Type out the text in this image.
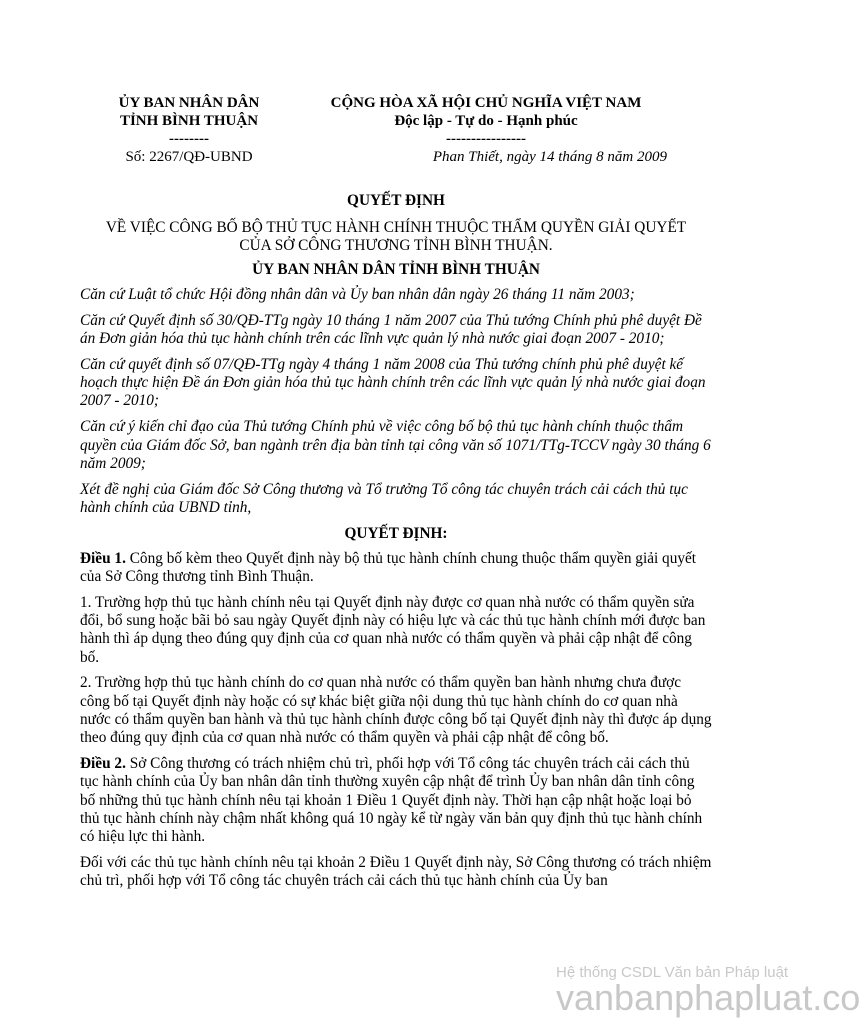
ỦY BAN NHÂN DÂN
TỈNH BÌNH THUẬN
--------
Số: 2267/QĐ-UBND
CỘNG HÒA XÃ HỘI CHỦ NGHĨA VIỆT NAM
Độc lập - Tự do - Hạnh phúc
----------------
Phan Thiết, ngày 14 tháng 8 năm 2009
QUYẾT ĐỊNH
VỀ VIỆC CÔNG BỐ BỘ THỦ TỤC HÀNH CHÍNH THUỘC THẨM QUYỀN GIẢI QUYẾT
CỦA SỞ CÔNG THƯƠNG TỈNH BÌNH THUẬN.
ỦY BAN NHÂN DÂN TỈNH BÌNH THUẬN

Căn cứ Luật tổ chức Hội đồng nhân dân và Ủy ban nhân dân ngày 26 tháng 11 năm 2003;

Căn cứ Quyết định số 30/QĐ-TTg ngày 10 tháng 1 năm 2007 của Thủ tướng Chính phủ phê duyệt Đề án Đơn giản hóa thủ tục hành chính trên các lĩnh vực quản lý nhà nước giai đoạn 2007 - 2010;

Căn cứ quyết định số 07/QĐ-TTg ngày 4 tháng 1 năm 2008 của Thủ tướng chính phủ phê duyệt kế hoạch thực hiện Đề án Đơn giản hóa thủ tục hành chính trên các lĩnh vực quản lý nhà nước giai đoạn 2007 - 2010;

Căn cứ ý kiến chỉ đạo của Thủ tướng Chính phủ về việc công bố bộ thủ tục hành chính thuộc thẩm quyền của Giám đốc Sở, ban ngành trên địa bàn tỉnh tại công văn số 1071/TTg-TCCV ngày 30 tháng 6 năm 2009;

Xét đề nghị của Giám đốc Sở Công thương và Tổ trưởng Tổ công tác chuyên trách cải cách thủ tục hành chính của UBND tỉnh,

QUYẾT ĐỊNH:

Điều 1. Công bố kèm theo Quyết định này bộ thủ tục hành chính chung thuộc thẩm quyền giải quyết của Sở Công thương tỉnh Bình Thuận.

1. Trường hợp thủ tục hành chính nêu tại Quyết định này được cơ quan nhà nước có thẩm quyền sửa đổi, bổ sung hoặc bãi bỏ sau ngày Quyết định này có hiệu lực và các thủ tục hành chính mới được ban hành thì áp dụng theo đúng quy định của cơ quan nhà nước có thẩm quyền và phải cập nhật để công bố.

2. Trường hợp thủ tục hành chính do cơ quan nhà nước có thẩm quyền ban hành nhưng chưa được công bố tại Quyết định này hoặc có sự khác biệt giữa nội dung thủ tục hành chính do cơ quan nhà nước có thẩm quyền ban hành và thủ tục hành chính được công bố tại Quyết định này thì được áp dụng theo đúng quy định của cơ quan nhà nước có thẩm quyền và phải cập nhật để công bố.

Điều 2. Sở Công thương có trách nhiệm chủ trì, phối hợp với Tổ công tác chuyên trách cải cách thủ tục hành chính của Ủy ban nhân dân tỉnh thường xuyên cập nhật để trình Ủy ban nhân dân tỉnh công bố những thủ tục hành chính nêu tại khoản 1 Điều 1 Quyết định này. Thời hạn cập nhật hoặc loại bỏ thủ tục hành chính này chậm nhất không quá 10 ngày kể từ ngày văn bản quy định thủ tục hành chính có hiệu lực thi hành.

Đối với các thủ tục hành chính nêu tại khoản 2 Điều 1 Quyết định này, Sở Công thương có trách nhiệm chủ trì, phối hợp với Tổ công tác chuyên trách cải cách thủ tục hành chính của Ủy ban

Hệ thống CSDL Văn bản Pháp luật
vanbanphapluat.co
